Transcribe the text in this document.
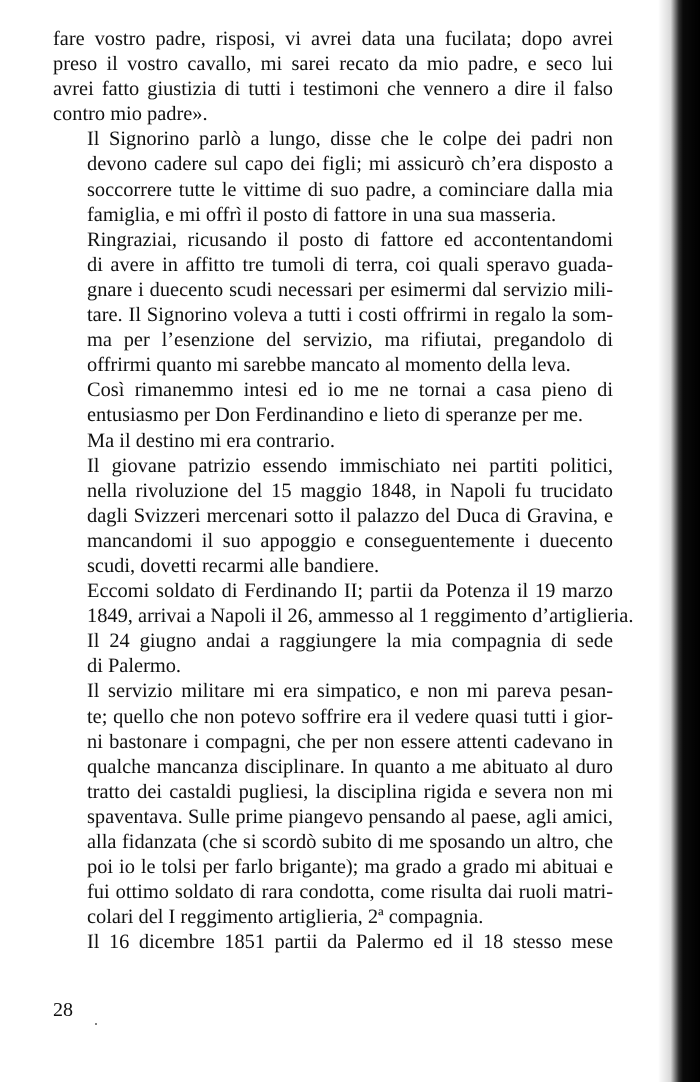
fare vostro padre, risposi, vi avrei data una fucilata; dopo avrei
preso il vostro cavallo, mi sarei recato da mio padre, e seco lui
avrei fatto giustizia di tutti i testimoni che vennero a dire il falso
contro mio padre».

Il Signorino parlò a lungo, disse che le colpe dei padri non
devono cadere sul capo dei figli; mi assicurò ch’era disposto a
soccorrere tutte le vittime di suo padre, a cominciare dalla mia
famiglia, e mi offrì il posto di fattore in una sua masseria.

Ringraziai, ricusando il posto di fattore ed accontentandomi
di avere in affitto tre tumoli di terra, coi quali speravo guada-
gnare i duecento scudi necessari per esimermi dal servizio mili-
tare. Il Signorino voleva a tutti i costi offrirmi in regalo la som-
ma per l’esenzione del servizio, ma rifiutai, pregandolo di
offrirmi quanto mi sarebbe mancato al momento della leva.

Così rimanemmo intesi ed io me ne tornai a casa pieno di
entusiasmo per Don Ferdinandino e lieto di speranze per me.

Ma il destino mi era contrario.

Il giovane patrizio essendo immischiato nei partiti politici,
nella rivoluzione del 15 maggio 1848, in Napoli fu trucidato
dagli Svizzeri mercenari sotto il palazzo del Duca di Gravina, e
mancandomi il suo appoggio e conseguentemente i duecento
scudi, dovetti recarmi alle bandiere.

Eccomi soldato di Ferdinando II; partii da Potenza il 19 marzo
1849, arrivai a Napoli il 26, ammesso al 1 reggimento d’artiglieria.

Il 24 giugno andai a raggiungere la mia compagnia di sede
di Palermo.

Il servizio militare mi era simpatico, e non mi pareva pesan-
te; quello che non potevo soffrire era il vedere quasi tutti i gior-
ni bastonare i compagni, che per non essere attenti cadevano in
qualche mancanza disciplinare. In quanto a me abituato al duro
tratto dei castaldi pugliesi, la disciplina rigida e severa non mi
spaventava. Sulle prime piangevo pensando al paese, agli amici,
alla fidanzata (che si scordò subito di me sposando un altro, che
poi io le tolsi per farlo brigante); ma grado a grado mi abituai e
fui ottimo soldato di rara condotta, come risulta dai ruoli matri-
colari del I reggimento artiglieria, 2ª compagnia.

Il 16 dicembre 1851 partii da Palermo ed il 18 stesso mese

28
